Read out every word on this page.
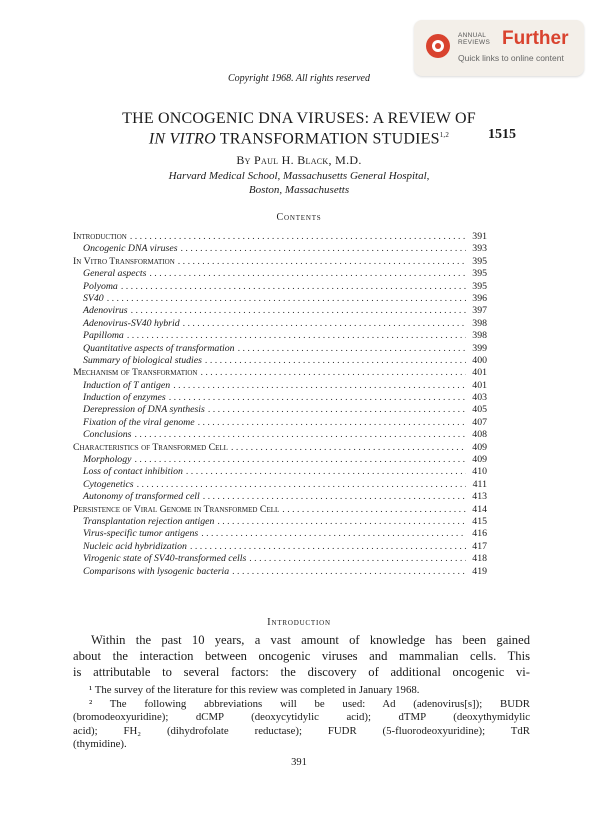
ANNUAL
REVIEWS Further
Quick links to online content
Copyright 1968. All rights reserved
THE ONCOGENIC DNA VIRUSES: A REVIEW OF
IN VITRO TRANSFORMATION STUDIES$^{1,2}$	1515
By Paul H. Black, M.D.
Harvard Medical School, Massachusetts General Hospital,
Boston, Massachusetts
Contents
Introduction . . .	391
Oncogenic DNA viruses . . .	393
In Vitro Transformation . . .	395
General aspects . . .	395
Polyoma . . .	395
SV40 . . .	396
Adenovirus . . .	397
Adenovirus-SV40 hybrid . . .	398
Papilloma . . .	398
Quantitative aspects of transformation . . .	399
Summary of biological studies . . .	400
Mechanism of Transformation . . .	401
Induction of T antigen . . .	401
Induction of enzymes . . .	403
Derepression of DNA synthesis . . .	405
Fixation of the viral genome . . .	407
Conclusions . . .	408
Characteristics of Transformed Cell . . .	409
Morphology . . .	409
Loss of contact inhibition . . .	410
Cytogenetics . . .	411
Autonomy of transformed cell . . .	413
Persistence of Viral Genome in Transformed Cell . . .	414
Transplantation rejection antigen . . .	415
Virus-specific tumor antigens . . .	416
Nucleic acid hybridization . . .	417
Virogenic state of SV40-transformed cells . . .	418
Comparisons with lysogenic bacteria . . .	419
Introduction
Within the past 10 years, a vast amount of knowledge has been gained
about the interaction between oncogenic viruses and mammalian cells. This
is attributable to several factors: the discovery of additional oncogenic vi-
¹ The survey of the literature for this review was completed in January 1968.
² The following abbreviations will be used: Ad (adenovirus[s]); BUDR
(bromodeoxyuridine); dCMP (deoxycytidylic acid); dTMP (deoxythymidylic
acid); FH₂ (dihydrofolate reductase); FUDR (5-fluorodeoxyuridine); TdR
(thymidine).
391
